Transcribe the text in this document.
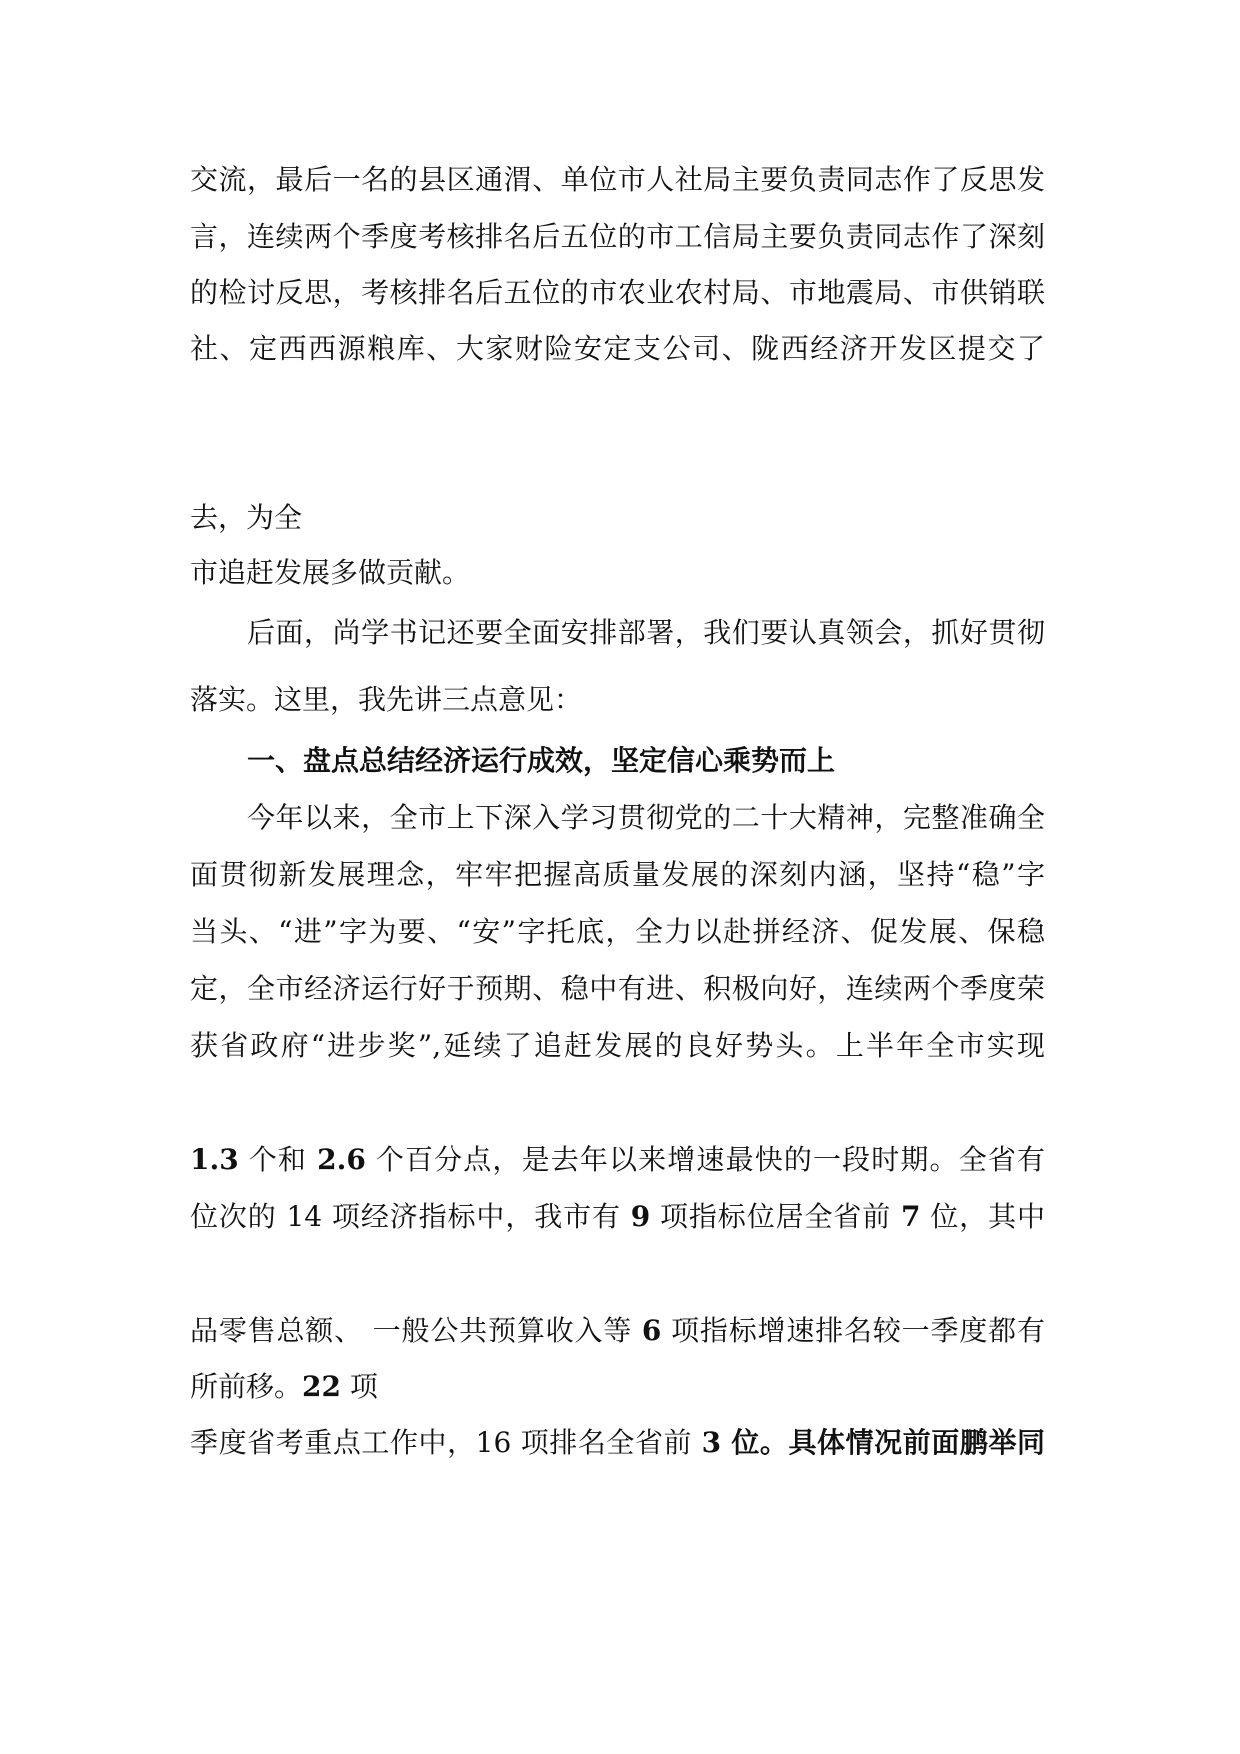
交流，最后一名的县区通渭、单位市人社局主要负责同志作了反思发
言，连续两个季度考核排名后五位的市工信局主要负责同志作了深刻
的检讨反思，考核排名后五位的市农业农村局、市地震局、市供销联
社、定西西源粮库、大家财险安定支公司、陇西经济开发区提交了

去，为全
市追赶发展多做贡献。
后面，尚学书记还要全面安排部署，我们要认真领会，抓好贯彻
落实。这里，我先讲三点意见：
一、盘点总结经济运行成效，坚定信心乘势而上
今年以来，全市上下深入学习贯彻党的二十大精神，完整准确全
面贯彻新发展理念，牢牢把握高质量发展的深刻内涵，坚持“稳”字
当头、“进”字为要、“安”字托底，全力以赴拼经济、促发展、保稳
定，全市经济运行好于预期、稳中有进、积极向好，连续两个季度荣
获省政府“进步奖”,延续了追赶发展的良好势头。上半年全市实现

1.3 个和 2.6 个百分点，是去年以来增速最快的一段时期。全省有
位次的 14 项经济指标中，我市有 9 项指标位居全省前 7 位，其中

品零售总额、 一般公共预算收入等 6 项指标增速排名较一季度都有
所前移。22 项
季度省考重点工作中，16 项排名全省前 3 位。具体情况前面鹏举同
